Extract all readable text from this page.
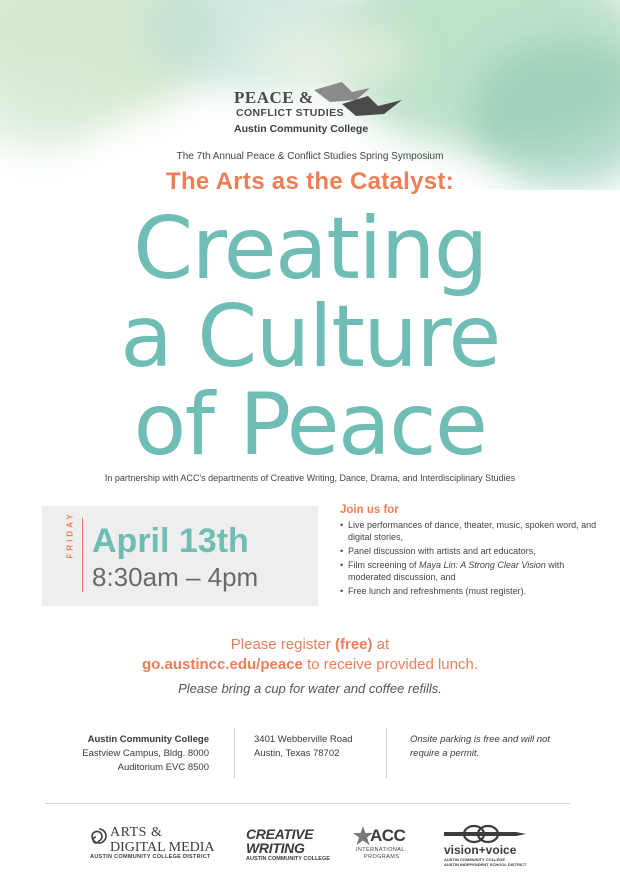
PEACE &
CONFLICT STUDIES
Austin Community College
The 7th Annual Peace & Conflict Studies Spring Symposium
The Arts as the Catalyst:
Creating
a Culture
of Peace
In partnership with ACC's departments of Creative Writing, Dance, Drama, and Interdisciplinary Studies
FRIDAY April 13th
8:30am – 4pm
Join us for
• Live performances of dance, theater, music, spoken word, and digital stories,
• Panel discussion with artists and art educators,
• Film screening of Maya Lin: A Strong Clear Vision with moderated discussion, and
• Free lunch and refreshments (must register).
Please register (free) at
go.austincc.edu/peace to receive provided lunch.
Please bring a cup for water and coffee refills.
Austin Community College
Eastview Campus, Bldg. 8000
Auditorium EVC 8500
3401 Webberville Road
Austin, Texas 78702
Onsite parking is free and will not require a permit.
ARTS &
DIGITAL MEDIA
AUSTIN COMMUNITY COLLEGE DISTRICT
CREATIVE
WRITING
AUSTIN COMMUNITY COLLEGE
ACC
INTERNATIONAL
PROGRAMS	vision+voice
AUSTIN COMMUNITY COLLEGE
AUSTIN INDEPENDENT SCHOOL DISTRICT
